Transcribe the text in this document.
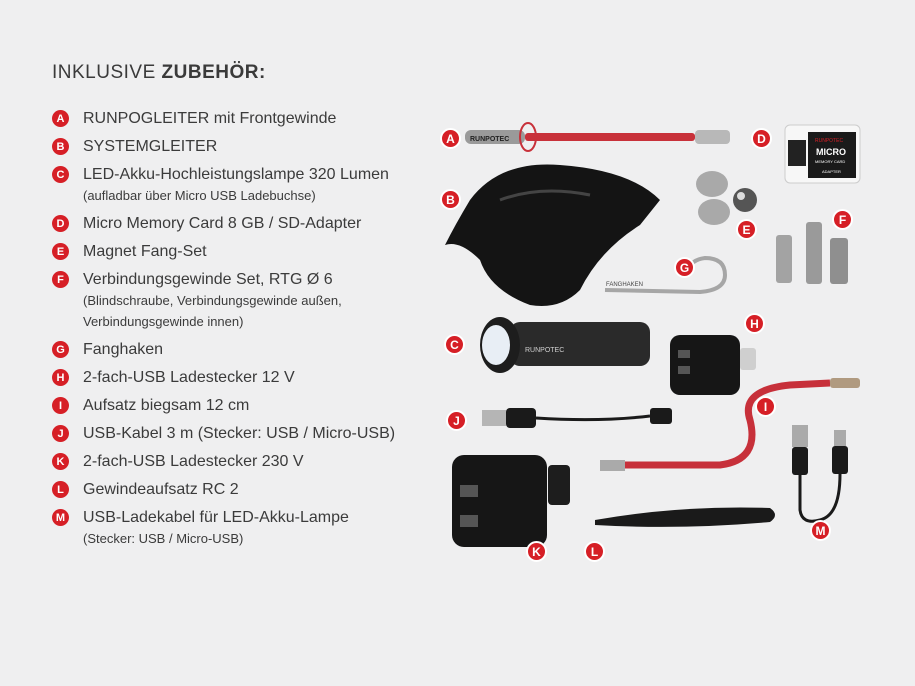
INKLUSIVE ZUBEHÖR:
A RUNPOGLEITER mit Frontgewinde
B SYSTEMGLEITER
C LED-Akku-Hochleistungslampe 320 Lumen
(aufladbar über Micro USB Ladebuchse)
D Micro Memory Card 8 GB / SD-Adapter
E	Magnet Fang-Set
F	Verbindungsgewinde Set, RTG Ø 6
(Blindschraube, Verbindungsgewinde außen,
Verbindungsgewinde innen)
G Fanghaken
H 2-fach-USB Ladestecker 12 V
I	Aufsatz biegsam 12 cm
J	USB-Kabel 3 m (Stecker: USB / Micro-USB)
K 2-fach-USB Ladestecker 230 V
L	Gewindeaufsatz RC 2
M USB-Ladekabel für LED-Akku-Lampe
(Stecker: USB / Micro-USB)
RUNPOTEC	RUNPOTEC
MICRO
MEMORY CARD
ADAPTER
FANGHAKEN
RUNPOTEC
A
B
C
D
E
F
G
H
I
J
K	L
M
